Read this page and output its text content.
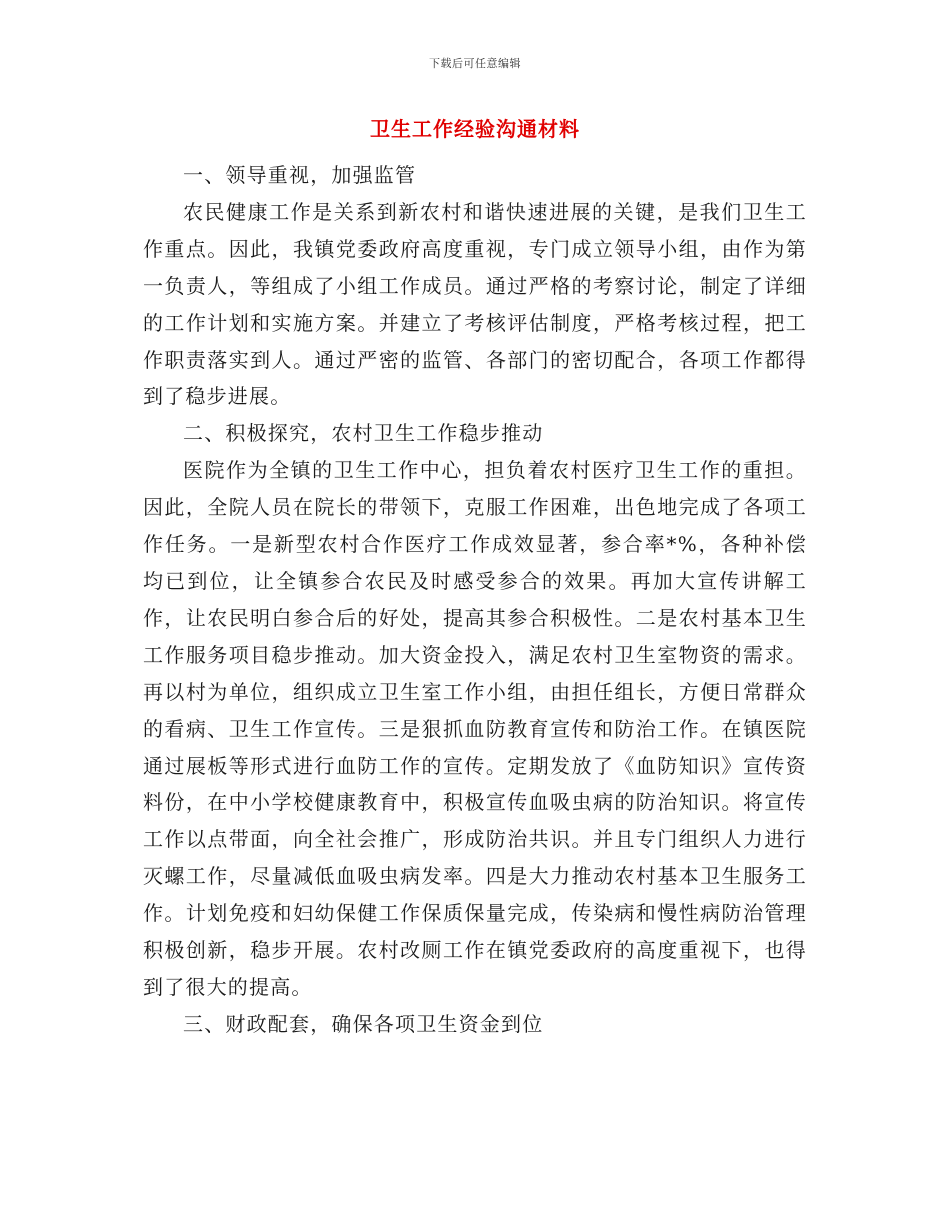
下载后可任意编辑
卫生工作经验沟通材料

一、领导重视，加强监管

农民健康工作是关系到新农村和谐快速进展的关键，是我们卫生工作重点。因此，我镇党委政府高度重视，专门成立领导小组，由作为第一负责人，等组成了小组工作成员。通过严格的考察讨论，制定了详细的工作计划和实施方案。并建立了考核评估制度，严格考核过程，把工作职责落实到人。通过严密的监管、各部门的密切配合，各项工作都得到了稳步进展。

二、积极探究，农村卫生工作稳步推动

医院作为全镇的卫生工作中心，担负着农村医疗卫生工作的重担。因此，全院人员在院长的带领下，克服工作困难，出色地完成了各项工作任务。一是新型农村合作医疗工作成效显著，参合率*%，各种补偿均已到位，让全镇参合农民及时感受参合的效果。再加大宣传讲解工作，让农民明白参合后的好处，提高其参合积极性。二是农村基本卫生工作服务项目稳步推动。加大资金投入，满足农村卫生室物资的需求。再以村为单位，组织成立卫生室工作小组，由担任组长，方便日常群众的看病、卫生工作宣传。三是狠抓血防教育宣传和防治工作。在镇医院通过展板等形式进行血防工作的宣传。定期发放了《血防知识》宣传资料份，在中小学校健康教育中，积极宣传血吸虫病的防治知识。将宣传工作以点带面，向全社会推广，形成防治共识。并且专门组织人力进行灭螺工作，尽量减低血吸虫病发率。四是大力推动农村基本卫生服务工作。计划免疫和妇幼保健工作保质保量完成，传染病和慢性病防治管理积极创新，稳步开展。农村改厕工作在镇党委政府的高度重视下，也得到了很大的提高。

三、财政配套，确保各项卫生资金到位
